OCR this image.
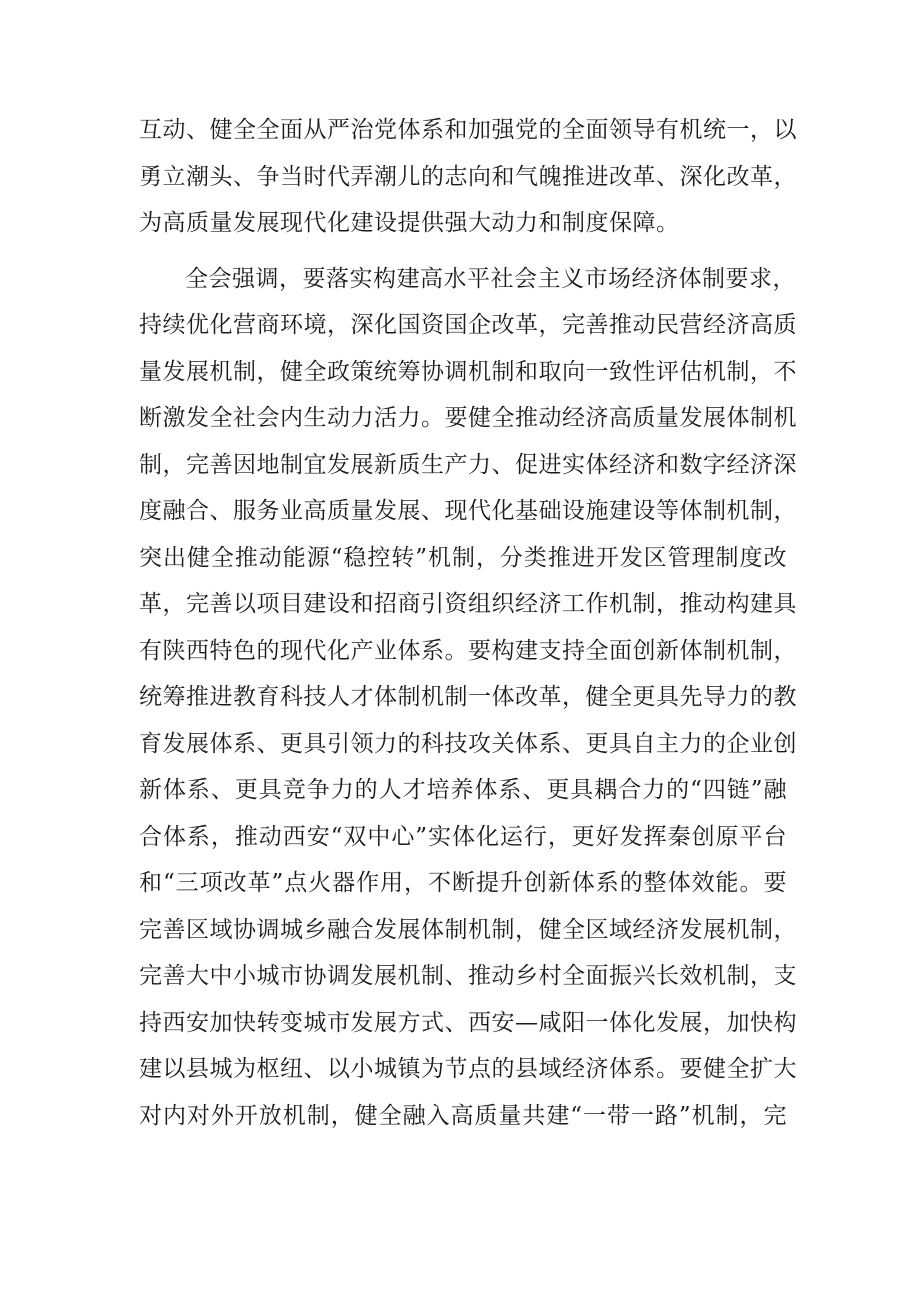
互动、健全全面从严治党体系和加强党的全面领导有机统一，以
勇立潮头、争当时代弄潮儿的志向和气魄推进改革、深化改革，
为高质量发展现代化建设提供强大动力和制度保障。
全会强调，要落实构建高水平社会主义市场经济体制要求，
持续优化营商环境，深化国资国企改革，完善推动民营经济高质
量发展机制，健全政策统筹协调机制和取向一致性评估机制，不
断激发全社会内生动力活力。要健全推动经济高质量发展体制机
制，完善因地制宜发展新质生产力、促进实体经济和数字经济深
度融合、服务业高质量发展、现代化基础设施建设等体制机制，
突出健全推动能源“稳控转”机制，分类推进开发区管理制度改
革，完善以项目建设和招商引资组织经济工作机制，推动构建具
有陕西特色的现代化产业体系。要构建支持全面创新体制机制，
统筹推进教育科技人才体制机制一体改革，健全更具先导力的教
育发展体系、更具引领力的科技攻关体系、更具自主力的企业创
新体系、更具竞争力的人才培养体系、更具耦合力的“四链”融
合体系，推动西安“双中心”实体化运行，更好发挥秦创原平台
和“三项改革”点火器作用，不断提升创新体系的整体效能。要
完善区域协调城乡融合发展体制机制，健全区域经济发展机制，
完善大中小城市协调发展机制、推动乡村全面振兴长效机制，支
持西安加快转变城市发展方式、西安—咸阳一体化发展，加快构
建以县城为枢纽、以小城镇为节点的县域经济体系。要健全扩大
对内对外开放机制，健全融入高质量共建“一带一路”机制，完
